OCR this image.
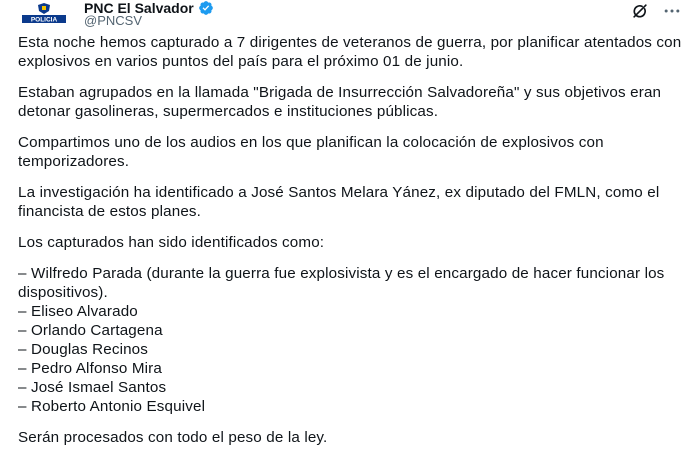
POLICIA
PNC El Salvador
@PNCSV

Esta noche hemos capturado a 7 dirigentes de veteranos de guerra, por planificar atentados con explosivos en varios puntos del país para el próximo 01 de junio.

Estaban agrupados en la llamada "Brigada de Insurrección Salvadoreña" y sus objetivos eran detonar gasolineras, supermercados e instituciones públicas.

Compartimos uno de los audios en los que planifican la colocación de explosivos con temporizadores.

La investigación ha identificado a José Santos Melara Yánez, ex diputado del FMLN, como el financista de estos planes.

Los capturados han sido identificados como:

– Wilfredo Parada (durante la guerra fue explosivista y es el encargado de hacer funcionar los dispositivos).
– Eliseo Alvarado
– Orlando Cartagena
– Douglas Recinos
– Pedro Alfonso Mira
– José Ismael Santos
– Roberto Antonio Esquivel

Serán procesados con todo el peso de la ley.
